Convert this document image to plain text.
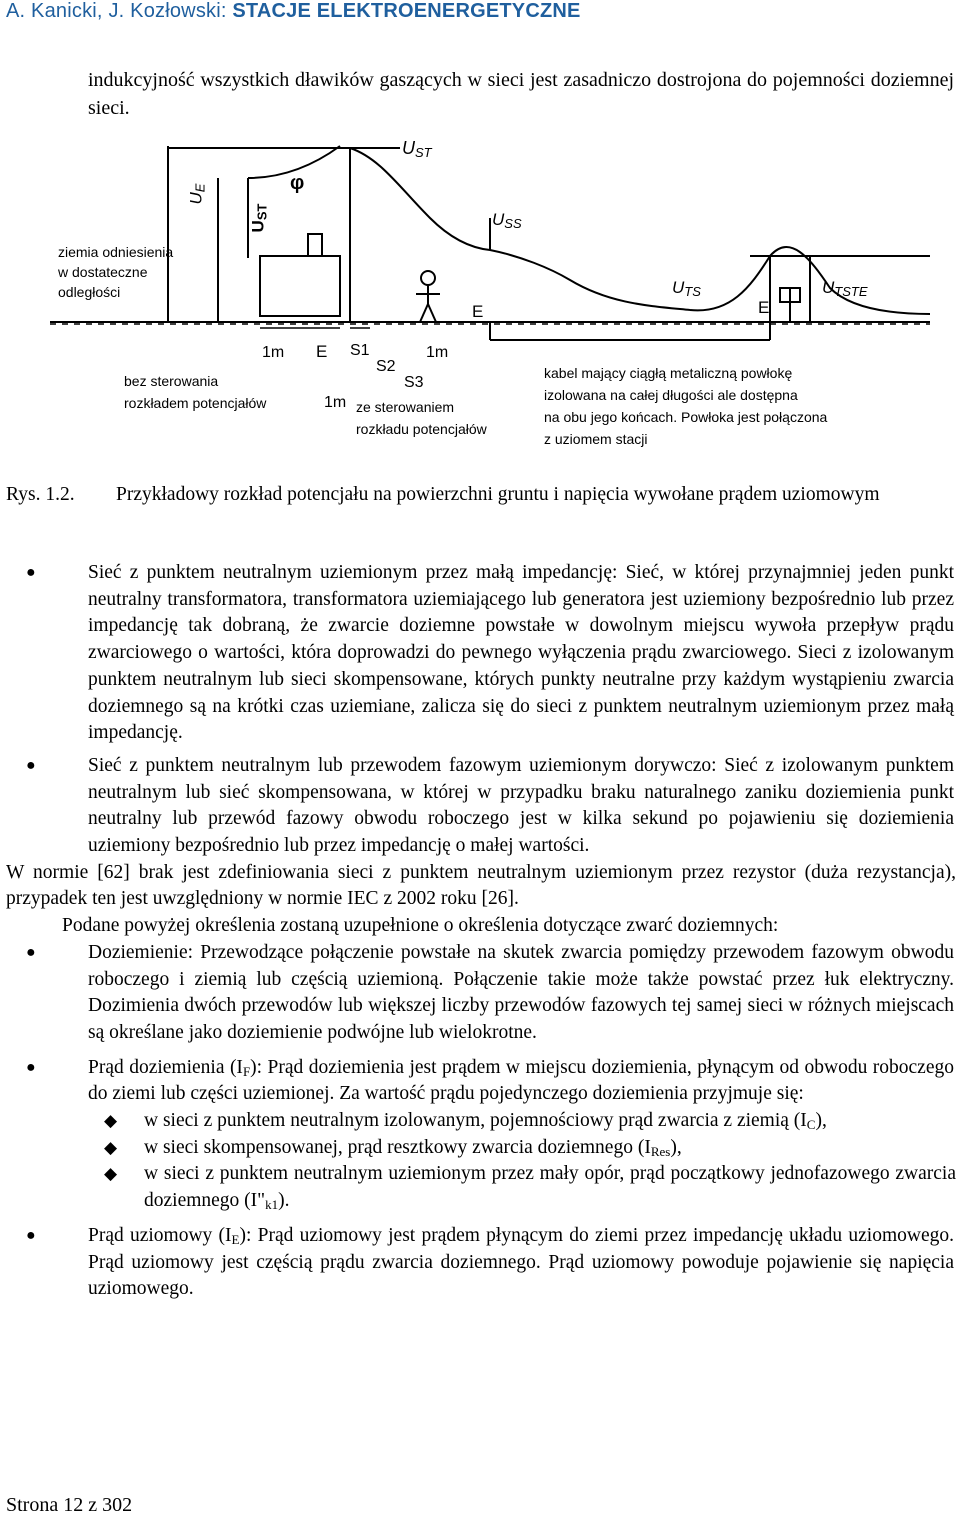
A. Kanicki, J. Kozłowski: STACJE ELEKTROENERGETYCZNE
indukcyjność wszystkich dławików gaszących w sieci jest zasadniczo dostrojona do pojemności doziemnej sieci.
$U_{ST}$
$U_E$
$U_{ST}$
φ
$U_{SS}$
$U_{TS}$	$U_{TSTE}$
E
E
E
1m	1m
1m
S1
S2
S3
ziemia odniesienia
w dostateczne
odległości
bez sterowania
rozkładem potencjałów	ze sterowaniem
rozkładu potencjałów
kabel mający ciągłą metaliczną powłokę
izolowana na całej długości ale dostępna
na obu jego końcach. Powłoka jest połączona
z uziomem stacji
Rys. 1.2. Przykładowy rozkład potencjału na powierzchni gruntu i napięcia wywołane prądem uziomowym
●	Sieć z punktem neutralnym uziemionym przez małą impedancję: Sieć, w której przynajmniej jeden punkt neutralny transformatora, transformatora uziemiającego lub generatora jest uziemiony bezpośrednio lub przez impedancję tak dobraną, że zwarcie doziemne powstałe w dowolnym miejscu wywoła przepływ prądu zwarciowego o wartości, która doprowadzi do pewnego wyłączenia prądu zwarciowego. Sieci z izolowanym punktem neutralnym lub sieci skompensowane, których punkty neutralne przy każdym wystąpieniu zwarcia doziemnego są na krótki czas uziemiane, zalicza się do sieci z punktem neutralnym uziemionym przez małą impedancję.
●	Sieć z punktem neutralnym lub przewodem fazowym uziemionym dorywczo: Sieć z izolowanym punktem neutralnym lub sieć skompensowana, w której w przypadku braku naturalnego zaniku doziemienia punkt neutralny lub przewód fazowy obwodu roboczego jest w kilka sekund po pojawieniu się doziemienia uziemiony bezpośrednio lub przez impedancję o małej wartości.
W normie [62] brak jest zdefiniowania sieci z punktem neutralnym uziemionym przez rezystor (duża rezystancja), przypadek ten jest uwzględniony w normie IEC z 2002 roku [26].
Podane powyżej określenia zostaną uzupełnione o określenia dotyczące zwarć doziemnych:
●	Doziemienie: Przewodzące połączenie powstałe na skutek zwarcia pomiędzy przewodem fazowym obwodu roboczego i ziemią lub częścią uziemioną. Połączenie takie może także powstać przez łuk elektryczny. Dozimienia dwóch przewodów lub większej liczby przewodów fazowych tej samej sieci w różnych miejscach są określane jako doziemienie podwójne lub wielokrotne.
●	Prąd doziemienia $(I_F)$: Prąd doziemienia jest prądem w miejscu doziemienia, płynącym od obwodu roboczego do ziemi lub części uziemionej. Za wartość prądu pojedynczego doziemienia przyjmuje się:
◆ w sieci z punktem neutralnym izolowanym, pojemnościowy prąd zwarcia z ziemią $(I_C)$,
◆ w sieci skompensowanej, prąd resztkowy zwarcia doziemnego $(I_{Res})$,
◆ w sieci z punktem neutralnym uziemionym przez mały opór, prąd początkowy jednofazowego zwarcia doziemnego $(I"_{k1})$.
●	Prąd uziomowy $(I_E)$: Prąd uziomowy jest prądem płynącym do ziemi przez impedancję układu uziomowego. Prąd uziomowy jest częścią prądu zwarcia doziemnego. Prąd uziomowy powoduje pojawienie się napięcia uziomowego.
Strona 12 z 302
